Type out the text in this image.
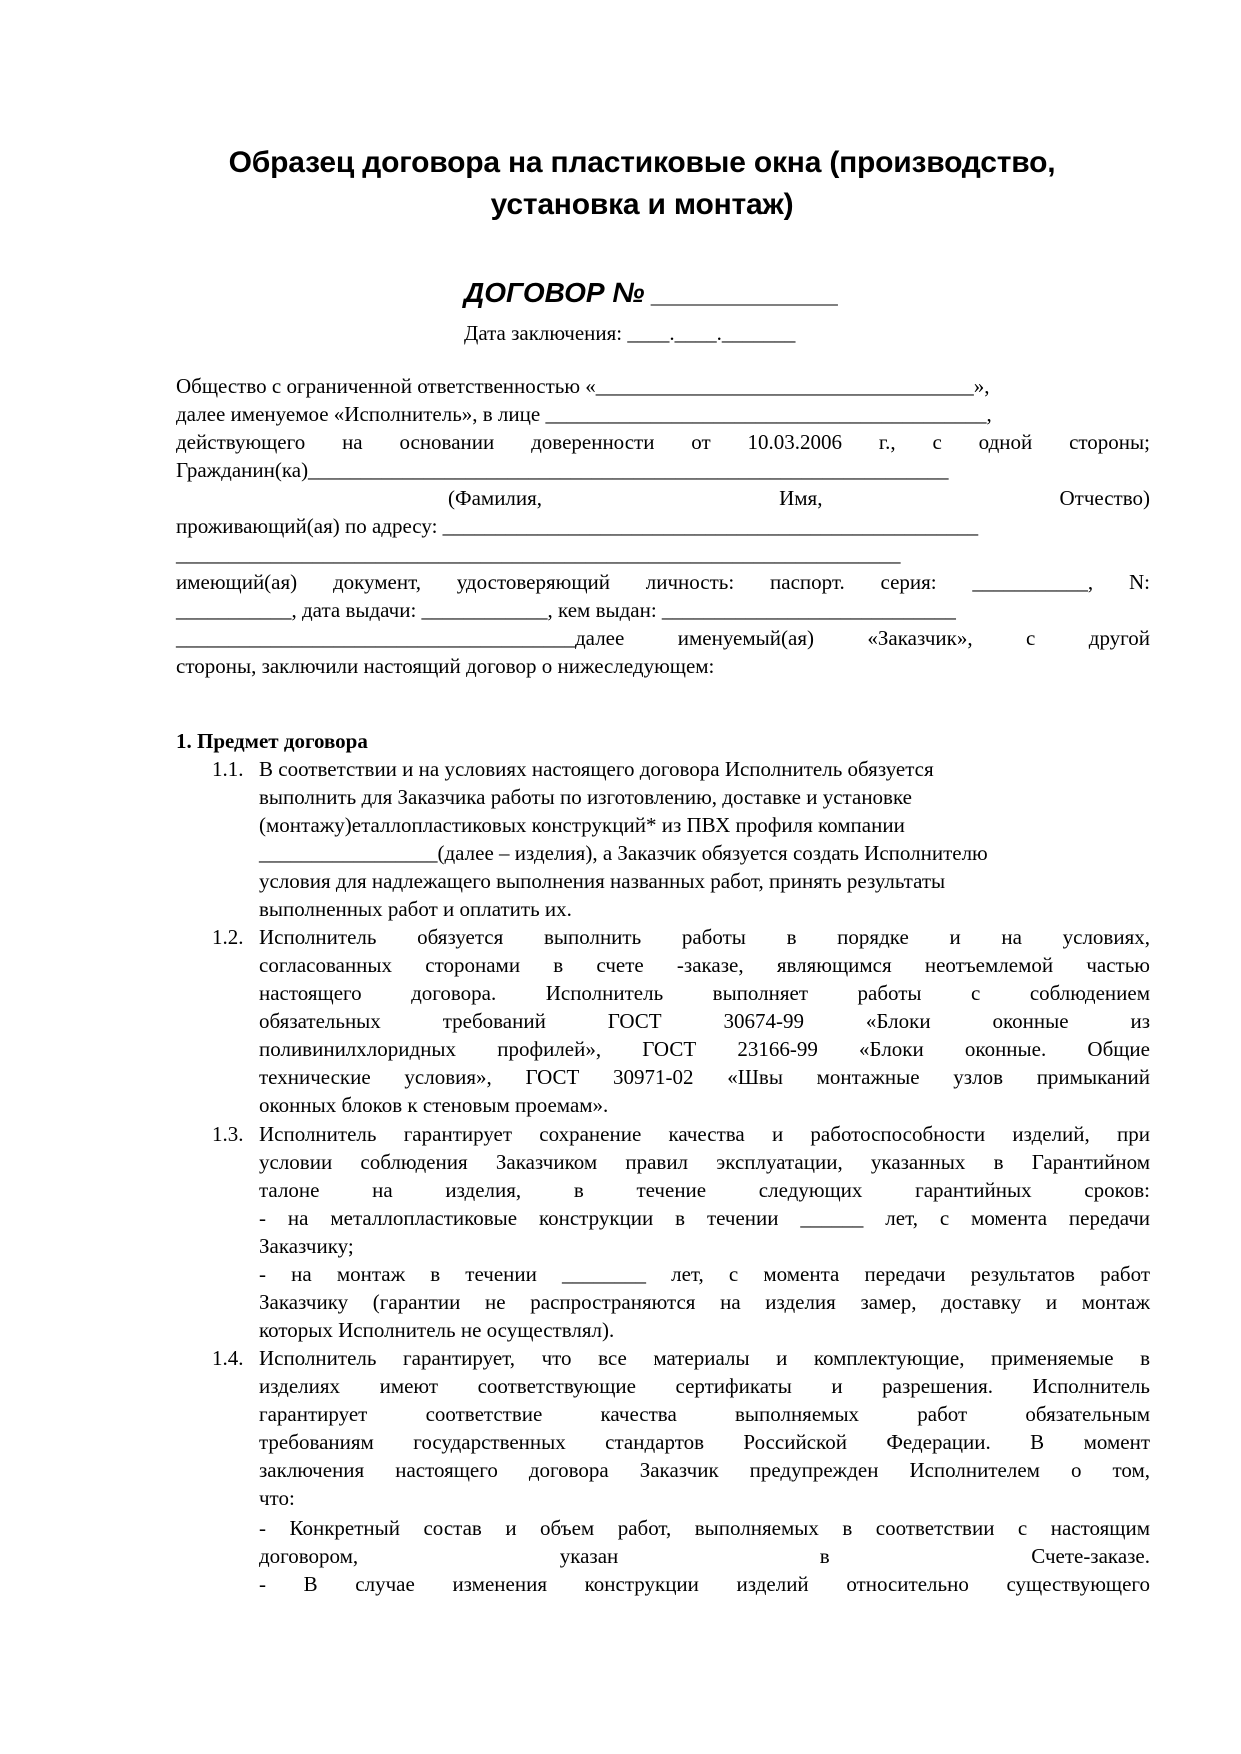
Образец договора на пластиковые окна (производство,
установка и монтаж)
ДОГОВОР № ____________
Дата заключения: ____.____._______
Общество с ограниченной ответственностью «____________________________________»,
далее именуемое «Исполнитель», в лице __________________________________________,
действующего на основании доверенности от 10.03.2006 г., с одной стороны;
Гражданин(ка)_____________________________________________________________
(Фамилия, Имя, Отчество)
проживающий(ая) по адресу: ___________________________________________________
_____________________________________________________________________
имеющий(ая) документ, удостоверяющий личность: паспорт. серия: ___________, N:
___________, дата выдачи: ____________, кем выдан: ____________________________
______________________________________далее именуемый(ая) «Заказчик», с другой
стороны, заключили настоящий договор о нижеследующем:
1. Предмет договора
1.1. В соответствии и на условиях настоящего договора Исполнитель обязуется
выполнить для Заказчика работы по изготовлению, доставке и установке
(монтажу)еталлопластиковых конструкций* из ПВХ профиля компании
_________________(далее – изделия), а Заказчик обязуется создать Исполнителю
условия для надлежащего выполнения названных работ, принять результаты
выполненных работ и оплатить их.
1.2. Исполнитель обязуется выполнить работы в порядке и на условиях,
согласованных сторонами в счете -заказе, являющимся неотъемлемой частью
настоящего договора. Исполнитель выполняет работы с соблюдением
обязательных требований ГОСТ 30674-99 «Блоки оконные из
поливинилхлоридных профилей», ГОСТ 23166-99 «Блоки оконные. Общие
технические условия», ГОСТ 30971-02 «Швы монтажные узлов примыканий
оконных блоков к стеновым проемам».
1.3. Исполнитель гарантирует сохранение качества и работоспособности изделий, при
условии соблюдения Заказчиком правил эксплуатации, указанных в Гарантийном
талоне на изделия, в течение следующих гарантийных сроков:
- на металлопластиковые конструкции в течении ______ лет, с момента передачи
Заказчику;
- на монтаж в течении ________ лет, с момента передачи результатов работ
Заказчику (гарантии не распространяются на изделия замер, доставку и монтаж
которых Исполнитель не осуществлял).
1.4. Исполнитель гарантирует, что все материалы и комплектующие, применяемые в
изделиях имеют соответствующие сертификаты и разрешения. Исполнитель
гарантирует соответствие качества выполняемых работ обязательным
требованиям государственных стандартов Российской Федерации. В момент
заключения настоящего договора Заказчик предупрежден Исполнителем о том,
что:
- Конкретный состав и объем работ, выполняемых в соответствии с настоящим
договором, указан в Счете-заказе.
- В случае изменения конструкции изделий относительно существующего
